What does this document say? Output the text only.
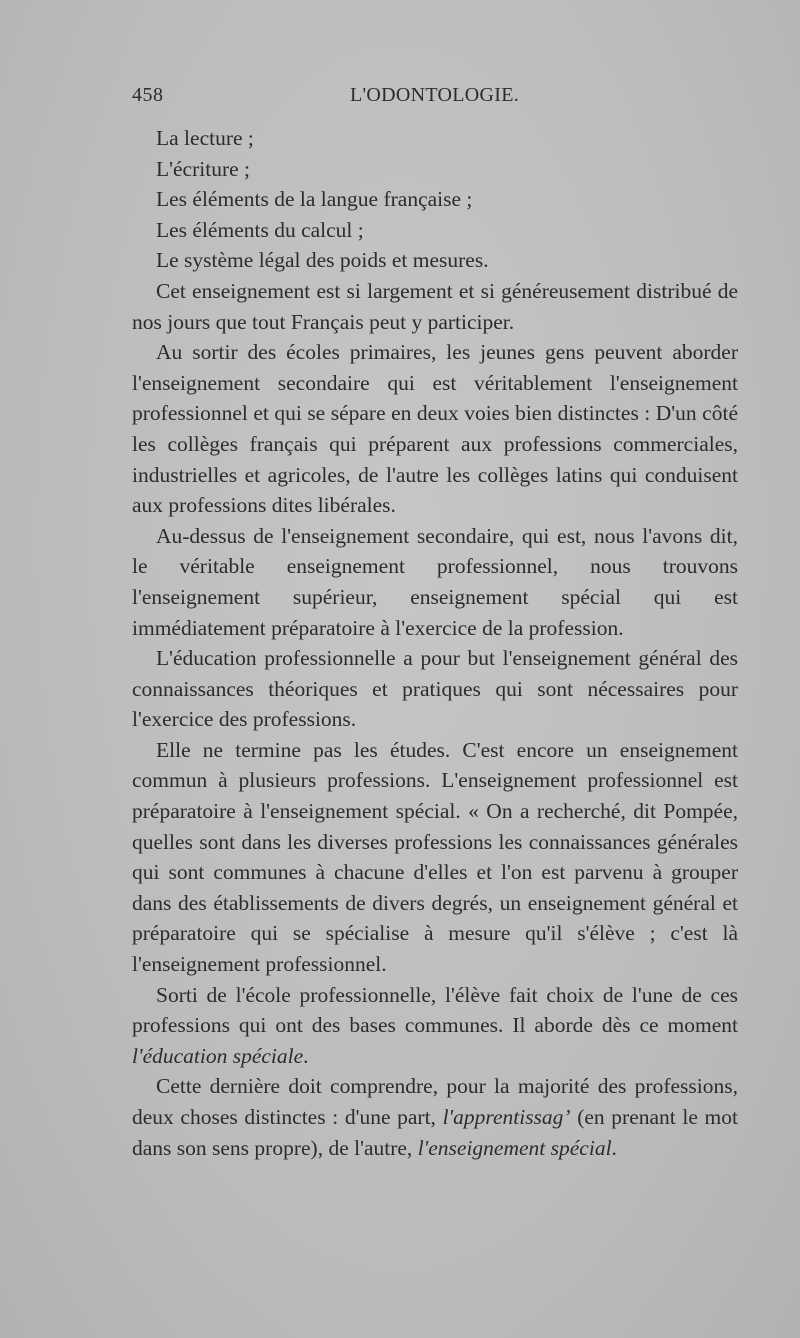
458	L'ODONTOLOGIE.

La lecture ;

L'écriture ;

Les éléments de la langue française ;

Les éléments du calcul ;

Le système légal des poids et mesures.

Cet enseignement est si largement et si généreusement distribué de nos jours que tout Français peut y participer.

Au sortir des écoles primaires, les jeunes gens peuvent aborder l'enseignement secondaire qui est véritablement l'enseignement professionnel et qui se sépare en deux voies bien distinctes : D'un côté les collèges français qui préparent aux professions commerciales, industrielles et agricoles, de l'autre les collèges latins qui conduisent aux professions dites libérales.

Au-dessus de l'enseignement secondaire, qui est, nous l'avons dit, le véritable enseignement professionnel, nous trouvons l'enseignement supérieur, enseignement spécial qui est immédiatement préparatoire à l'exercice de la profession.

L'éducation professionnelle a pour but l'enseignement général des connaissances théoriques et pratiques qui sont nécessaires pour l'exercice des professions.

Elle ne termine pas les études. C'est encore un enseignement commun à plusieurs professions. L'enseignement professionnel est préparatoire à l'enseignement spécial. « On a recherché, dit Pompée, quelles sont dans les diverses professions les connaissances générales qui sont communes à chacune d'elles et l'on est parvenu à grouper dans des établissements de divers degrés, un enseignement général et préparatoire qui se spécialise à mesure qu'il s'élève ; c'est là l'enseignement professionnel.

Sorti de l'école professionnelle, l'élève fait choix de l'une de ces professions qui ont des bases communes. Il aborde dès ce moment l'éducation spéciale.

Cette dernière doit comprendre, pour la majorité des professions, deux choses distinctes : d'une part, l'apprentissag’ (en prenant le mot dans son sens propre), de l'autre, l'enseignement spécial.
